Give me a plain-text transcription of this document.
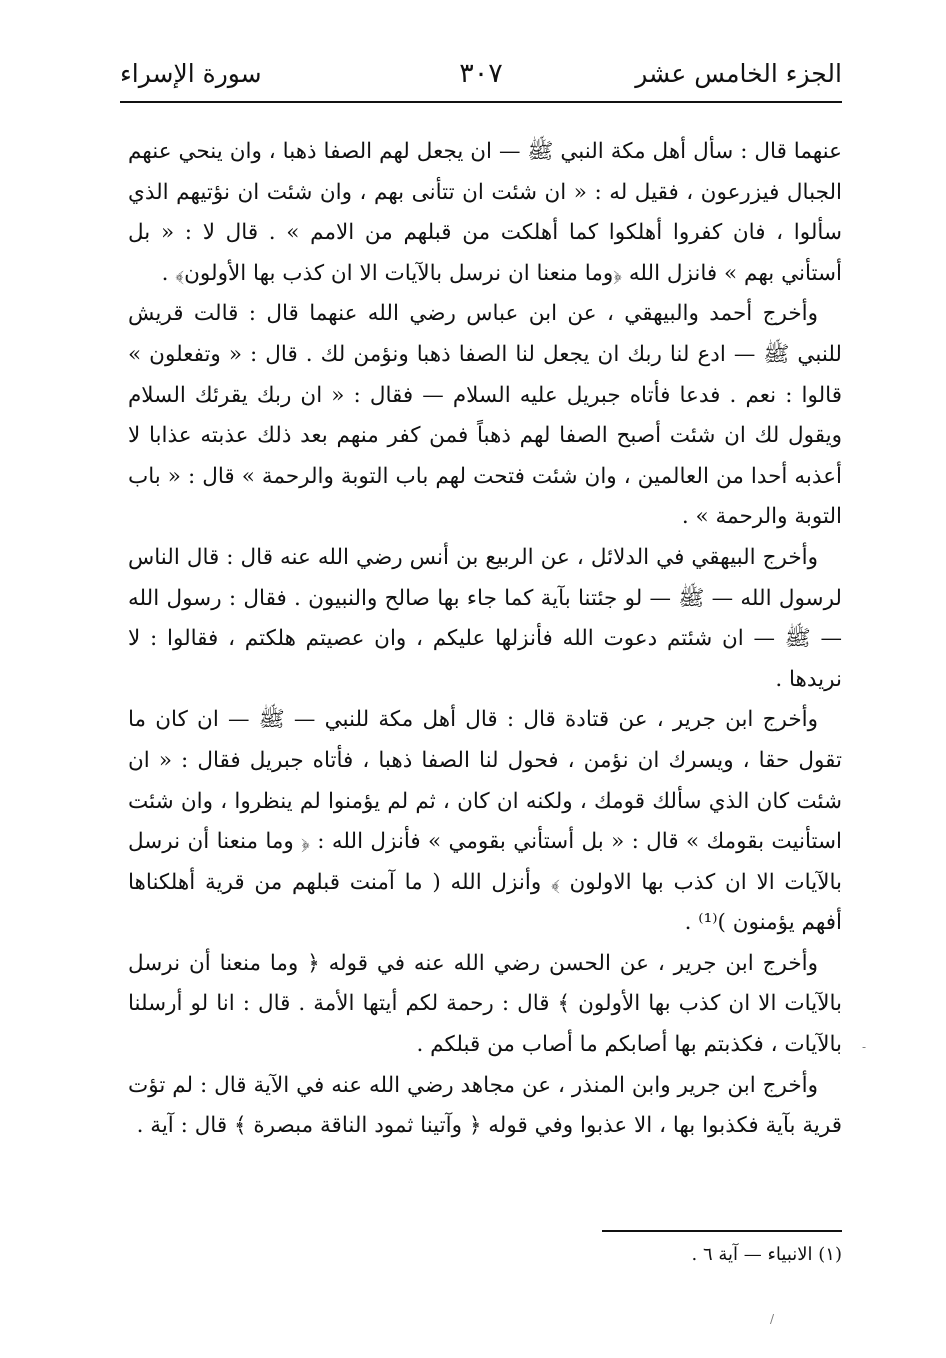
الجزء الخامس عشر
٣٠٧
سورة الإسراء

عنهما قال : سأل أهل مكة النبي ﷺ — ان يجعل لهم الصفا ذهبا ، وان ينحي عنهم الجبال فيزرعون ، فقيل له : « ان شئت ان تتأنى بهم ، وان شئت ان نؤتيهم الذي سألوا ، فان كفروا أهلكوا كما أهلكت من قبلهم من الامم » . قال لا : « بل أستأني بهم » فانزل الله ﴿وما منعنا ان نرسل بالآيات الا ان كذب بها الأولون﴾ .

وأخرج أحمد والبيهقي ، عن ابن عباس رضي الله عنهما قال : قالت قريش للنبي ﷺ — ادع لنا ربك ان يجعل لنا الصفا ذهبا ونؤمن لك . قال : « وتفعلون » قالوا : نعم . فدعا فأتاه جبريل عليه السلام — فقال : « ان ربك يقرئك السلام ويقول لك ان شئت أصبح الصفا لهم ذهباً فمن كفر منهم بعد ذلك عذبته عذابا لا أعذبه أحدا من العالمين ، وان شئت فتحت لهم باب التوبة والرحمة » قال : « باب التوبة والرحمة » .

وأخرج البيهقي في الدلائل ، عن الربيع بن أنس رضي الله عنه قال : قال الناس لرسول الله — ﷺ — لو جئتنا بآية كما جاء بها صالح والنبيون . فقال : رسول الله — ﷺ — ان شئتم دعوت الله فأنزلها عليكم ، وان عصيتم هلكتم ، فقالوا : لا نريدها .

وأخرج ابن جرير ، عن قتادة قال : قال أهل مكة للنبي — ﷺ — ان كان ما تقول حقا ، ويسرك ان نؤمن ، فحول لنا الصفا ذهبا ، فأتاه جبريل فقال : « ان شئت كان الذي سألك قومك ، ولكنه ان كان ، ثم لم يؤمنوا لم ينظروا ، وان شئت استأنيت بقومك » قال : « بل أستأني بقومي » فأنزل الله : ﴿ وما منعنا أن نرسل بالآيات الا ان كذب بها الاولون ﴾ وأنزل الله ( ما آمنت قبلهم من قرية أهلكناها أفهم يؤمنون )⁽¹⁾ .

وأخرج ابن جرير ، عن الحسن رضي الله عنه في قوله ﴿ وما منعنا أن نرسل بالآيات الا ان كذب بها الأولون ﴾ قال : رحمة لكم أيتها الأمة . قال : انا لو أرسلنا بالآيات ، فكذبتم بها أصابكم ما أصاب من قبلكم .

وأخرج ابن جرير وابن المنذر ، عن مجاهد رضي الله عنه في الآية قال : لم تؤت قرية بآية فكذبوا بها ، الا عذبوا وفي قوله ﴿ وآتينا ثمود الناقة مبصرة ﴾ قال : آية .

(١) الانبياء — آية ٦ .
-
/
